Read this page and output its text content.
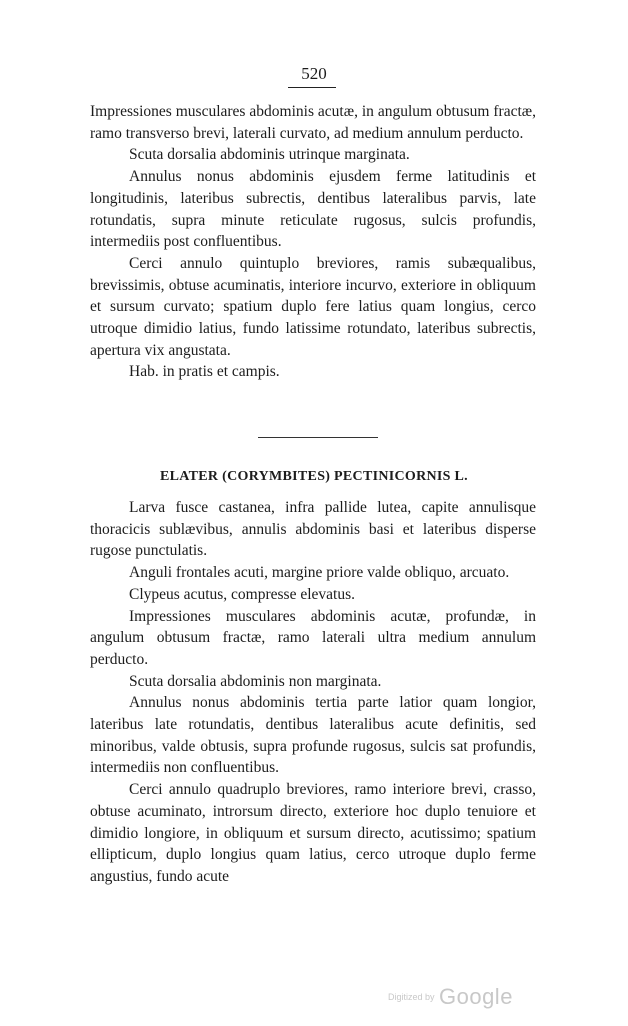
520

Impressiones musculares abdominis acutæ, in angulum obtusum fractæ, ramo transverso brevi, laterali curvato, ad medium annulum perducto.

Scuta dorsalia abdominis utrinque marginata.

Annulus nonus abdominis ejusdem ferme latitudinis et longitudinis, lateribus subrectis, dentibus lateralibus parvis, late rotundatis, supra minute reticulate rugosus, sulcis profundis, intermediis post confluentibus.

Cerci annulo quintuplo breviores, ramis subæqualibus, brevissimis, obtuse acuminatis, interiore incurvo, exteriore in obliquum et sursum curvato; spatium duplo fere latius quam longius, cerco utroque dimidio latius, fundo latissime rotundato, lateribus subrectis, apertura vix angustata.

Hab. in pratis et campis.

ELATER (CORYMBITES) PECTINICORNIS L.

Larva fusce castanea, infra pallide lutea, capite annulisque thoracicis sublævibus, annulis abdominis basi et lateribus disperse rugose punctulatis.

Anguli frontales acuti, margine priore valde obliquo, arcuato.

Clypeus acutus, compresse elevatus.

Impressiones musculares abdominis acutæ, profundæ, in angulum obtusum fractæ, ramo laterali ultra medium annulum perducto.

Scuta dorsalia abdominis non marginata.

Annulus nonus abdominis tertia parte latior quam longior, lateribus late rotundatis, dentibus lateralibus acute definitis, sed minoribus, valde obtusis, supra profunde rugosus, sulcis sat profundis, intermediis non confluentibus.

Cerci annulo quadruplo breviores, ramo interiore brevi, crasso, obtuse acuminato, introrsum directo, exteriore hoc duplo tenuiore et dimidio longiore, in obliquum et sursum directo, acutissimo; spatium ellipticum, duplo longius quam latius, cerco utroque duplo ferme angustius, fundo acute

Digitized by Google
